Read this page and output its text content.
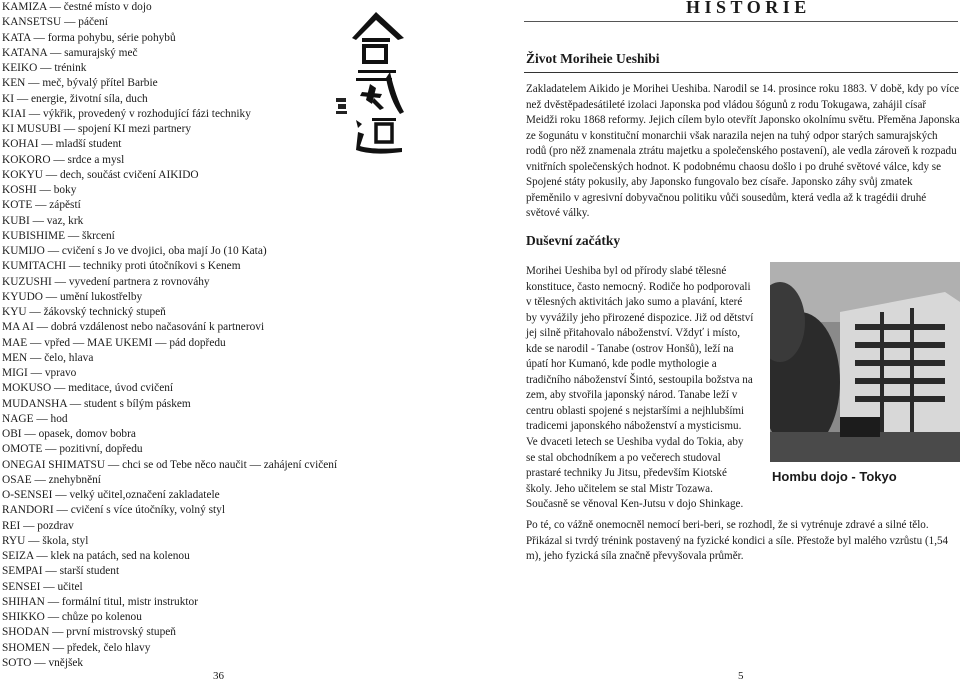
KAMIZA — čestné místo v dojo
KANSETSU — páčení
KATA — forma pohybu, série pohybů
KATANA — samurajský meč
KEIKO — trénink
KEN — meč, bývalý přítel Barbie
KI — energie, životní síla, duch
KIAI — výkřik, provedený v rozhodující fázi techniky
KI MUSUBI — spojení KI mezi partnery
KOHAI — mladší student
KOKORO — srdce a mysl
KOKYU — dech, součást cvičení AIKIDO
KOSHI — boky
KOTE — zápěstí
KUBI — vaz, krk
KUBISHIME — škrcení
KUMIJO — cvičení s Jo ve dvojici, oba mají Jo (10 Kata)
KUMITACHI — techniky proti útočníkovi s Kenem
KUZUSHI — vyvedení partnera z rovnováhy
KYUDO — umění lukostřelby
KYU — žákovský technický stupeň
MA AI — dobrá vzdálenost nebo načasování k partnerovi
MAE — vpřed — MAE UKEMI — pád dopředu
MEN — čelo, hlava
MIGI — vpravo
MOKUSO — meditace, úvod cvičení
MUDANSHA — student s bílým páskem
NAGE — hod
OBI — opasek, domov bobra
OMOTE — pozitivní, dopředu
ONEGAI SHIMATSU — chci se od Tebe něco naučit — zahájení cvičení
OSAE — znehybnění
O-SENSEI — velký učitel,označení zakladatele
RANDORI — cvičení s více útočníky, volný styl
REI — pozdrav
RYU — škola, styl
SEIZA — klek na patách, sed na kolenou
SEMPAI — starší student
SENSEI — učitel
SHIHAN — formální titul, mistr instruktor
SHIKKO — chůze po kolenou
SHODAN — první mistrovský stupeň
SHOMEN — předek, čelo hlavy
SOTO — vnějšek
36
HISTORIE
Život Moriheie Ueshibi

Zakladatelem Aikido je Morihei Ueshiba. Narodil se 14. prosince roku 1883. V době, kdy po více než dvěstěpadesátileté izolaci Japonska pod vládou šógunů z rodu Tokugawa, zahájil císař Meidži roku 1868 reformy. Jejich cílem bylo otevřít Japonsko okolnímu světu. Přeměna Japonska ze šogunátu v konstituční monarchii však narazila nejen na tuhý odpor starých samurajských rodů (pro něž znamenala ztrátu majetku a společenského postavení), ale vedla zároveň k rozpadu vnitřních společenských hodnot. K podobnému chaosu došlo i po druhé světové válce, kdy se Spojené státy pokusily, aby Japonsko fungovalo bez císaře. Japonsko záhy svůj zmatek přeměnilo v agresivní dobyvačnou politiku vůči sousedům, která vedla až k tragédii druhé světové války.

Duševní začátky

Morihei Ueshiba byl od přírody slabé tělesné konstituce, často nemocný. Rodiče ho podporovali v tělesných aktivitách jako sumo a plavání, které by vyvážily jeho přirozené dispozice. Již od dětství jej silně přitahovalo náboženství. Vždyť i místo, kde se narodil - Tanabe (ostrov Honšů), leží na úpatí hor Kumanó, kde podle mythologie a tradičního náboženství Šintó, sestoupila božstva na zem, aby stvořila japonský národ. Tanabe leží v centru oblasti spojené s nejstaršími a nejhlubšími tradicemi japonského náboženství a mysticismu. Ve dvaceti letech se Ueshiba vydal do Tokia, aby se stal obchodníkem a po večerech studoval prastaré techniky Ju Jitsu, především Kiotské školy. Jeho učitelem se stal Mistr Tozawa. Současně se věnoval Ken-Jutsu v dojo Shinkage.

Hombu dojo - Tokyo

Po té, co vážně onemocněl nemocí beri-beri, se rozhodl, že si vytrénuje zdravé a silné tělo. Přikázal si tvrdý trénink postavený na fyzické kondici a síle. Přestože byl malého vzrůstu (1,54 m), jeho fyzická síla značně převyšovala průměr.

5
